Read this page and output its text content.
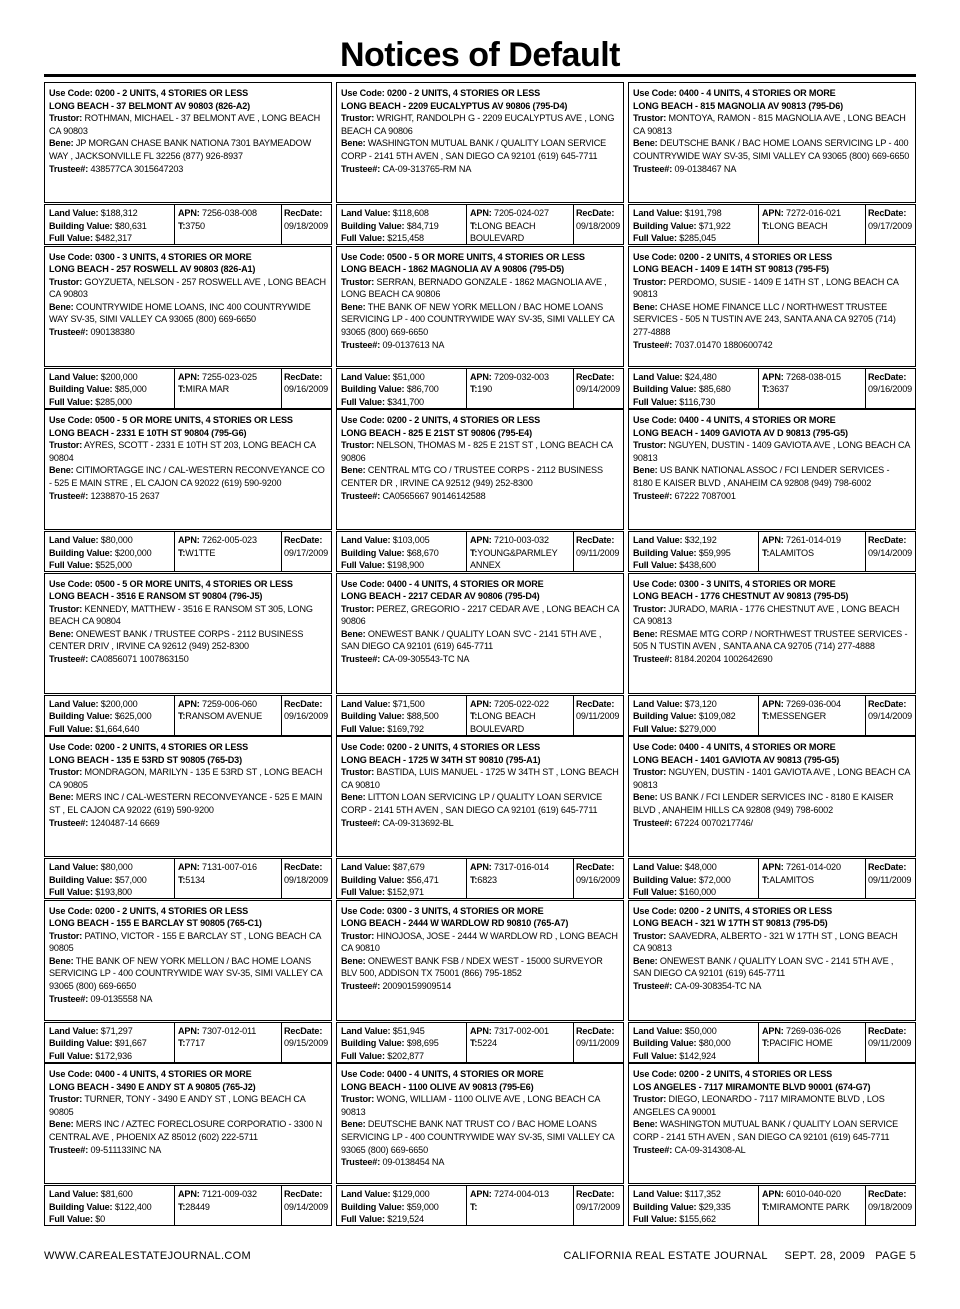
Notices of Default
Use Code: 0200 - 2 UNITS, 4 STORIES OR LESS
LONG BEACH - 37 BELMONT AV 90803 (826-A2)
Trustor: ROTHMAN, MICHAEL - 37 BELMONT AVE , LONG BEACH CA 90803
Bene: JP MORGAN CHASE BANK NATIONA 7301 BAYMEADOW WAY , JACKSONVILLE FL 32256 (877) 926-8937
Trustee#: 438577CA 3015647203
Land Value: $188,312
Building Value: $80,631
Full Value: $482,317
APN: 7256-038-008
T:3750
RecDate:
09/18/2009
Use Code: 0200 - 2 UNITS, 4 STORIES OR LESS
LONG BEACH - 2209 EUCALYPTUS AV 90806 (795-D4)
Trustor: WRIGHT, RANDOLPH G - 2209 EUCALYPTUS AVE , LONG BEACH CA 90806
Bene: WASHINGTON MUTUAL BANK / QUALITY LOAN SERVICE CORP - 2141 5TH AVEN , SAN DIEGO CA 92101 (619) 645-7711
Trustee#: CA-09-313765-RM NA
Land Value: $118,608
Building Value: $84,719
Full Value: $215,458
APN: 7205-024-027
T:LONG BEACH
BOULEVARD
RecDate:
09/18/2009
Use Code: 0400 - 4 UNITS, 4 STORIES OR MORE
LONG BEACH - 815 MAGNOLIA AV 90813 (795-D6)
Trustor: MONTOYA, RAMON - 815 MAGNOLIA AVE , LONG BEACH CA 90813
Bene: DEUTSCHE BANK / BAC HOME LOANS SERVICING LP - 400 COUNTRYWIDE WAY SV-35, SIMI VALLEY CA 93065 (800) 669-6650
Trustee#: 09-0138467 NA
Land Value: $191,798
Building Value: $71,922
Full Value: $285,045
APN: 7272-016-021
T:LONG BEACH
RecDate:
09/17/2009
Use Code: 0300 - 3 UNITS, 4 STORIES OR MORE
LONG BEACH - 257 ROSWELL AV 90803 (826-A1)
Trustor: GOYZUETA, NELSON - 257 ROSWELL AVE , LONG BEACH CA 90803
Bene: COUNTRYWIDE HOME LOANS, INC 400 COUNTRYWIDE WAY SV-35, SIMI VALLEY CA 93065 (800) 669-6650
Trustee#: 090138380
Land Value: $200,000
Building Value: $85,000
Full Value: $285,000
APN: 7255-023-025
T:MIRA MAR
RecDate:
09/16/2009
Use Code: 0500 - 5 OR MORE UNITS, 4 STORIES OR LESS
LONG BEACH - 1862 MAGNOLIA AV A 90806 (795-D5)
Trustor: SERRAN, BERNADO GONZALE - 1862 MAGNOLIA AVE , LONG BEACH CA 90806
Bene: THE BANK OF NEW YORK MELLON / BAC HOME LOANS SERVICING LP - 400 COUNTRYWIDE WAY SV-35, SIMI VALLEY CA 93065 (800) 669-6650
Trustee#: 09-0137613 NA
Land Value: $51,000
Building Value: $86,700
Full Value: $341,700
APN: 7209-032-003
T:190
RecDate:
09/14/2009
Use Code: 0200 - 2 UNITS, 4 STORIES OR LESS
LONG BEACH - 1409 E 14TH ST 90813 (795-F5)
Trustor: PERDOMO, SUSIE - 1409 E 14TH ST , LONG BEACH CA 90813
Bene: CHASE HOME FINANCE LLC / NORTHWEST TRUSTEE SERVICES - 505 N TUSTIN AVE 243, SANTA ANA CA 92705 (714) 277-4888
Trustee#: 7037.01470 1880600742
Land Value: $24,480
Building Value: $85,680
Full Value: $116,730
APN: 7268-038-015
T:3637
RecDate:
09/16/2009
Use Code: 0500 - 5 OR MORE UNITS, 4 STORIES OR LESS
LONG BEACH - 2331 E 10TH ST 90804 (795-G6)
Trustor: AYRES, SCOTT - 2331 E 10TH ST 203, LONG BEACH CA 90804
Bene: CITIMORTAGGE INC / CAL-WESTERN RECONVEYANCE CO - 525 E MAIN STRE , EL CAJON CA 92022 (619) 590-9200
Trustee#: 1238870-15 2637
Land Value: $80,000
Building Value: $200,000
Full Value: $525,000
APN: 7262-005-023
T:W1TTE
RecDate:
09/17/2009
Use Code: 0200 - 2 UNITS, 4 STORIES OR LESS
LONG BEACH - 825 E 21ST ST 90806 (795-E4)
Trustor: NELSON, THOMAS M - 825 E 21ST ST , LONG BEACH CA 90806
Bene: CENTRAL MTG CO / TRUSTEE CORPS - 2112 BUSINESS CENTER DR , IRVINE CA 92512 (949) 252-8300
Trustee#: CA0565667 90146142588
Land Value: $103,005
Building Value: $68,670
Full Value: $198,900
APN: 7210-003-032
T:YOUNG&PARMLEY
ANNEX
RecDate:
09/11/2009
Use Code: 0400 - 4 UNITS, 4 STORIES OR MORE
LONG BEACH - 1409 GAVIOTA AV D 90813 (795-G5)
Trustor: NGUYEN, DUSTIN - 1409 GAVIOTA AVE , LONG BEACH CA 90813
Bene: US BANK NATIONAL ASSOC / FCI LENDER SERVICES - 8180 E KAISER BLVD , ANAHEIM CA 92808 (949) 798-6002
Trustee#: 67222 7087001
Land Value: $32,192
Building Value: $59,995
Full Value: $438,600
APN: 7261-014-019
T:ALAMITOS
RecDate:
09/14/2009
Use Code: 0500 - 5 OR MORE UNITS, 4 STORIES OR LESS
LONG BEACH - 3516 E RANSOM ST 90804 (796-J5)
Trustor: KENNEDY, MATTHEW - 3516 E RANSOM ST 305, LONG BEACH CA 90804
Bene: ONEWEST BANK / TRUSTEE CORPS - 2112 BUSINESS CENTER DRIV , IRVINE CA 92612 (949) 252-8300
Trustee#: CA0856071 1007863150
Land Value: $200,000
Building Value: $625,000
Full Value: $1,664,640
APN: 7259-006-060
T:RANSOM AVENUE
RecDate:
09/16/2009
Use Code: 0400 - 4 UNITS, 4 STORIES OR MORE
LONG BEACH - 2217 CEDAR AV 90806 (795-D4)
Trustor: PEREZ, GREGORIO - 2217 CEDAR AVE , LONG BEACH CA 90806
Bene: ONEWEST BANK / QUALITY LOAN SVC - 2141 5TH AVE , SAN DIEGO CA 92101 (619) 645-7711
Trustee#: CA-09-305543-TC NA
Land Value: $71,500
Building Value: $88,500
Full Value: $169,792
APN: 7205-022-022
T:LONG BEACH
BOULEVARD
RecDate:
09/11/2009
Use Code: 0300 - 3 UNITS, 4 STORIES OR MORE
LONG BEACH - 1776 CHESTNUT AV 90813 (795-D5)
Trustor: JURADO, MARIA - 1776 CHESTNUT AVE , LONG BEACH CA 90813
Bene: RESMAE MTG CORP / NORTHWEST TRUSTEE SERVICES - 505 N TUSTIN AVEN , SANTA ANA CA 92705 (714) 277-4888
Trustee#: 8184.20204 1002642690
Land Value: $73,120
Building Value: $109,082
Full Value: $279,000
APN: 7269-036-004
T:MESSENGER
RecDate:
09/14/2009
Use Code: 0200 - 2 UNITS, 4 STORIES OR LESS
LONG BEACH - 135 E 53RD ST 90805 (765-D3)
Trustor: MONDRAGON, MARILYN - 135 E 53RD ST , LONG BEACH CA 90805
Bene: MERS INC / CAL-WESTERN RECONVEYANCE - 525 E MAIN ST , EL CAJON CA 92022 (619) 590-9200
Trustee#: 1240487-14 6669
Land Value: $80,000
Building Value: $57,000
Full Value: $193,800
APN: 7131-007-016
T:5134
RecDate:
09/18/2009
Use Code: 0200 - 2 UNITS, 4 STORIES OR LESS
LONG BEACH - 1725 W 34TH ST 90810 (795-A1)
Trustor: BASTIDA, LUIS MANUEL - 1725 W 34TH ST , LONG BEACH CA 90810
Bene: LITTON LOAN SERVICING LP / QUALITY LOAN SERVICE CORP - 2141 5TH AVEN , SAN DIEGO CA 92101 (619) 645-7711
Trustee#: CA-09-313692-BL
Land Value: $87,679
Building Value: $56,471
Full Value: $152,971
APN: 7317-016-014
T:6823
RecDate:
09/16/2009
Use Code: 0400 - 4 UNITS, 4 STORIES OR MORE
LONG BEACH - 1401 GAVIOTA AV 90813 (795-G5)
Trustor: NGUYEN, DUSTIN - 1401 GAVIOTA AVE , LONG BEACH CA 90813
Bene: US BANK / FCI LENDER SERVICES INC - 8180 E KAISER BLVD , ANAHEIM HILLS CA 92808 (949) 798-6002
Trustee#: 67224 0070217746/
Land Value: $48,000
Building Value: $72,000
Full Value: $160,000
APN: 7261-014-020
T:ALAMITOS
RecDate:
09/11/2009
Use Code: 0200 - 2 UNITS, 4 STORIES OR LESS
LONG BEACH - 155 E BARCLAY ST 90805 (765-C1)
Trustor: PATINO, VICTOR - 155 E BARCLAY ST , LONG BEACH CA 90805
Bene: THE BANK OF NEW YORK MELLON / BAC HOME LOANS SERVICING LP - 400 COUNTRYWIDE WAY SV-35, SIMI VALLEY CA 93065 (800) 669-6650
Trustee#: 09-0135558 NA
Land Value: $71,297
Building Value: $91,667
Full Value: $172,936
APN: 7307-012-011
T:7717
RecDate:
09/15/2009
Use Code: 0300 - 3 UNITS, 4 STORIES OR MORE
LONG BEACH - 2444 W WARDLOW RD 90810 (765-A7)
Trustor: HINOJOSA, JOSE - 2444 W WARDLOW RD , LONG BEACH CA 90810
Bene: ONEWEST BANK FSB / NDEX WEST - 15000 SURVEYOR BLV 500, ADDISON TX 75001 (866) 795-1852
Trustee#: 20090159909514
Land Value: $51,945
Building Value: $98,695
Full Value: $202,877
APN: 7317-002-001
T:5224
RecDate:
09/11/2009
Use Code: 0200 - 2 UNITS, 4 STORIES OR LESS
LONG BEACH - 321 W 17TH ST 90813 (795-D5)
Trustor: SAAVEDRA, ALBERTO - 321 W 17TH ST , LONG BEACH CA 90813
Bene: ONEWEST BANK / QUALITY LOAN SVC - 2141 5TH AVE , SAN DIEGO CA 92101 (619) 645-7711
Trustee#: CA-09-308354-TC NA
Land Value: $50,000
Building Value: $80,000
Full Value: $142,924
APN: 7269-036-026
T:PACIFIC HOME
RecDate:
09/11/2009
Use Code: 0400 - 4 UNITS, 4 STORIES OR MORE
LONG BEACH - 3490 E ANDY ST A 90805 (765-J2)
Trustor: TURNER, TONY - 3490 E ANDY ST , LONG BEACH CA 90805
Bene: MERS INC / AZTEC FORECLOSURE CORPORATIO - 3300 N CENTRAL AVE , PHOENIX AZ 85012 (602) 222-5711
Trustee#: 09-511133INC NA
Land Value: $81,600
Building Value: $122,400
Full Value: $0
APN: 7121-009-032
T:28449
RecDate:
09/14/2009
Use Code: 0400 - 4 UNITS, 4 STORIES OR MORE
LONG BEACH - 1100 OLIVE AV 90813 (795-E6)
Trustor: WONG, WILLIAM - 1100 OLIVE AVE , LONG BEACH CA 90813
Bene: DEUTSCHE BANK NAT TRUST CO / BAC HOME LOANS SERVICING LP - 400 COUNTRYWIDE WAY SV-35, SIMI VALLEY CA 93065 (800) 669-6650
Trustee#: 09-0138454 NA
Land Value: $129,000
Building Value: $59,000
Full Value: $219,524
APN: 7274-004-013
T:
RecDate:
09/17/2009
Use Code: 0200 - 2 UNITS, 4 STORIES OR LESS
LOS ANGELES - 7117 MIRAMONTE BLVD 90001 (674-G7)
Trustor: DIEGO, LEONARDO - 7117 MIRAMONTE BLVD , LOS ANGELES CA 90001
Bene: WASHINGTON MUTUAL BANK / QUALITY LOAN SERVICE CORP - 2141 5TH AVEN , SAN DIEGO CA 92101 (619) 645-7711
Trustee#: CA-09-314308-AL
Land Value: $117,352
Building Value: $29,335
Full Value: $155,662
APN: 6010-040-020
T:MIRAMONTE PARK
RecDate:
09/18/2009
WWW.CAREALESTATEJOURNAL.COM	CALIFORNIA REAL ESTATE JOURNAL SEPT. 28, 2009 PAGE 5
